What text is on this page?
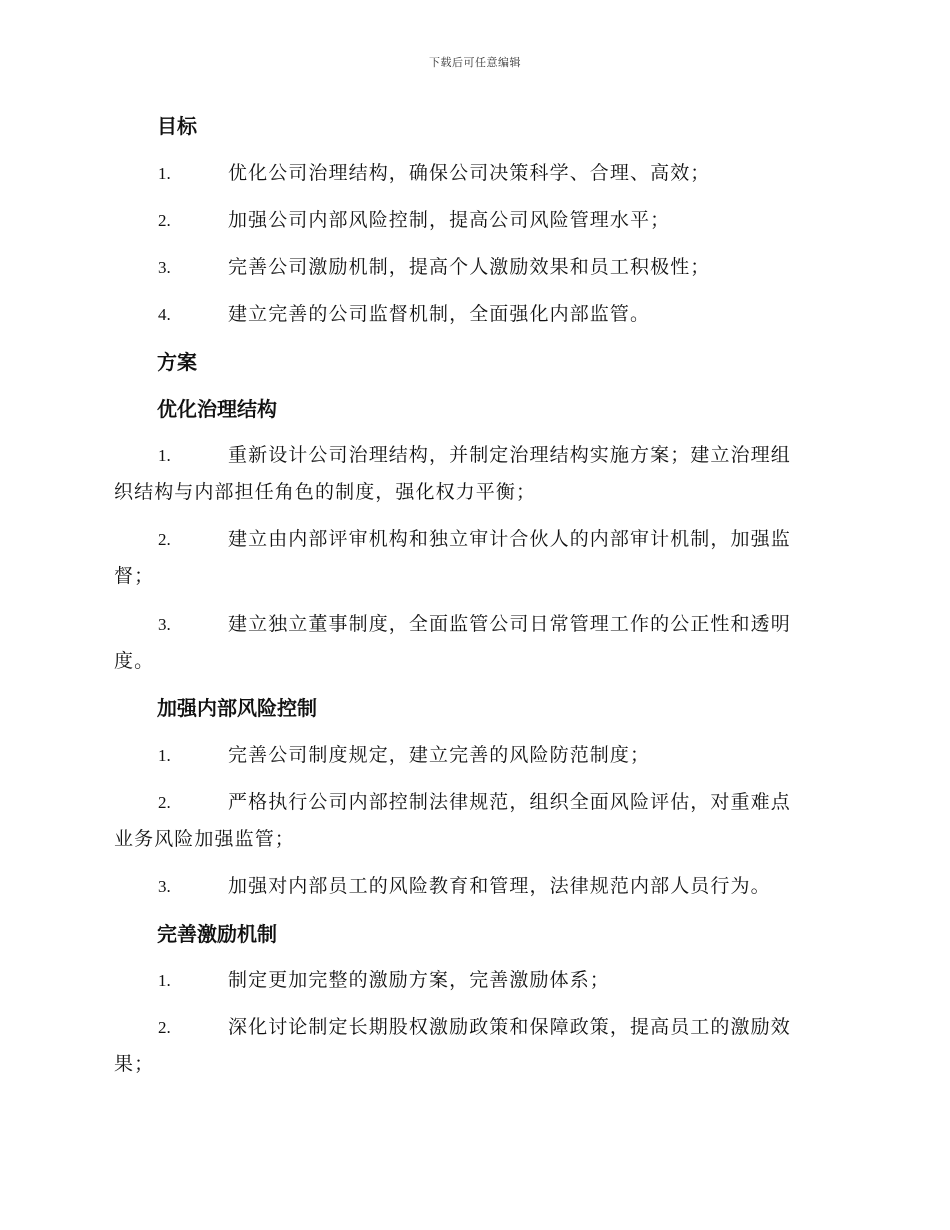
下载后可任意编辑
目标
1.	优化公司治理结构，确保公司决策科学、合理、高效；
2.	加强公司内部风险控制，提高公司风险管理水平；
3.	完善公司激励机制，提高个人激励效果和员工积极性；
4.	建立完善的公司监督机制，全面强化内部监管。
方案
优化治理结构
1.	重新设计公司治理结构，并制定治理结构实施方案；建立治理组
织结构与内部担任角色的制度，强化权力平衡；
2.	建立由内部评审机构和独立审计合伙人的内部审计机制，加强监
督；
3.	建立独立董事制度，全面监管公司日常管理工作的公正性和透明
度。
加强内部风险控制
1.	完善公司制度规定，建立完善的风险防范制度；
2.	严格执行公司内部控制法律规范，组织全面风险评估，对重难点
业务风险加强监管；
3.	加强对内部员工的风险教育和管理，法律规范内部人员行为。
完善激励机制
1.	制定更加完整的激励方案，完善激励体系；
2.	深化讨论制定长期股权激励政策和保障政策，提高员工的激励效
果；
